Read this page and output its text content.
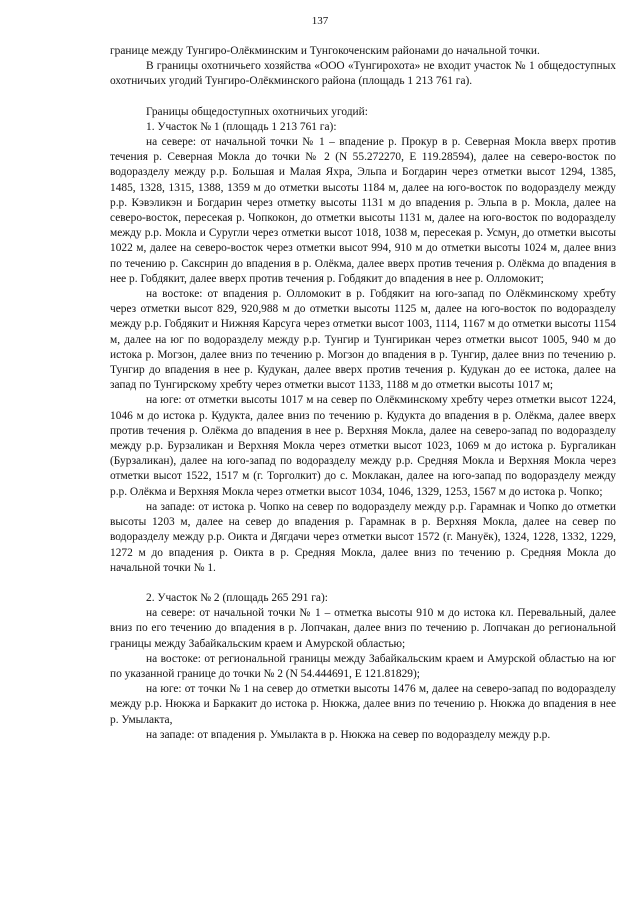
137

границе между Тунгиро-Олёкминским и Тунгокоченским районами до начальной точки.

В границы охотничьего хозяйства «ООО «Тунгирохота» не входит участок № 1 общедоступных охотничьих угодий Тунгиро-Олёкминского района (площадь 1 213 761 га).

Границы общедоступных охотничьих угодий:

1. Участок № 1 (площадь 1 213 761 га):

на севере: от начальной точки № 1 – впадение р. Прокур в р. Северная Мокла вверх против течения р. Северная Мокла до точки № 2 (N 55.272270, E 119.28594), далее на северо-восток по водоразделу между р.р. Большая и Малая Яхра, Эльпа и Богдарин через отметки высот 1294, 1385, 1485, 1328, 1315, 1388, 1359 м до отметки высоты 1184 м, далее на юго-восток по водоразделу между р.р. Кэвэликэн и Богдарин через отметку высоты 1131 м до впадения р. Эльпа в р. Мокла, далее на северо-восток, пересекая р. Чопкокон, до отметки высоты 1131 м, далее на юго-восток по водоразделу между р.р. Мокла и Суругли через отметки высот 1018, 1038 м, пересекая р. Усмун, до отметки высоты 1022 м, далее на северо-восток через отметки высот 994, 910 м до отметки высоты 1024 м, далее вниз по течению р. Сакснрин до впадения в р. Олёкма, далее вверх против течения р. Олёкма до впадения в нее р. Гобдякит, далее вверх против течения р. Гобдякит до впадения в нее р. Олломокит;

на востоке: от впадения р. Олломокит в р. Гобдякит на юго-запад по Олёкминскому хребту через отметки высот 829, 920,988 м до отметки высоты 1125 м, далее на юго-восток по водоразделу между р.р. Гобдякит и Нижняя Карсуга через отметки высот 1003, 1114, 1167 м до отметки высоты 1154 м, далее на юг по водоразделу между р.р. Тунгир и Тунгирикан через отметки высот 1005, 940 м до истока р. Могзон, далее вниз по течению р. Могзон до впадения в р. Тунгир, далее вниз по течению р. Тунгир до впадения в нее р. Кудукан, далее вверх против течения р. Кудукан до ее истока, далее на запад по Тунгирскому хребту через отметки высот 1133, 1188 м до отметки высоты 1017 м;

на юге: от отметки высоты 1017 м на север по Олёкминскому хребту через отметки высот 1224, 1046 м до истока р. Кудукта, далее вниз по течению р. Кудукта до впадения в р. Олёкма, далее вверх против течения р. Олёкма до впадения в нее р. Верхняя Мокла, далее на северо-запад по водоразделу между р.р. Бурзаликан и Верхняя Мокла через отметки высот 1023, 1069 м до истока р. Бургаликан (Бурзаликан), далее на юго-запад по водоразделу между р.р. Средняя Мокла и Верхняя Мокла через отметки высот 1522, 1517 м (г. Торголкит) до с. Моклакан, далее на юго-запад по водоразделу между р.р. Олёкма и Верхняя Мокла через отметки высот 1034, 1046, 1329, 1253, 1567 м до истока р. Чопко;

на западе: от истока р. Чопко на север по водоразделу между р.р. Гарамнак и Чопко до отметки высоты 1203 м, далее на север до впадения р. Гарамнак в р. Верхняя Мокла, далее на север по водоразделу между р.р. Оикта и Дягдачи через отметки высот 1572 (г. Манyёк), 1324, 1228, 1332, 1229, 1272 м до впадения р. Оикта в р. Средняя Мокла, далее вниз по течению р. Средняя Мокла до начальной точки № 1.

2. Участок № 2 (площадь 265 291 га):

на севере: от начальной точки № 1 – отметка высоты 910 м до истока кл. Перевальный, далее вниз по его течению до впадения в р. Лопчакан, далее вниз по течению р. Лопчакан до региональной границы между Забайкальским краем и Амурской областью;

на востоке: от региональной границы между Забайкальским краем и Амурской областью на юг по указанной границе до точки № 2 (N 54.444691, E 121.81829);

на юге: от точки № 1 на север до отметки высоты 1476 м, далее на северо-запад по водоразделу между р.р. Нюкжа и Баркакит до истока р. Нюкжа, далее вниз по течению р. Нюкжа до впадения в нее р. Умылакта,

на западе: от впадения р. Умылакта в р. Нюкжа на север по водоразделу между р.р.
